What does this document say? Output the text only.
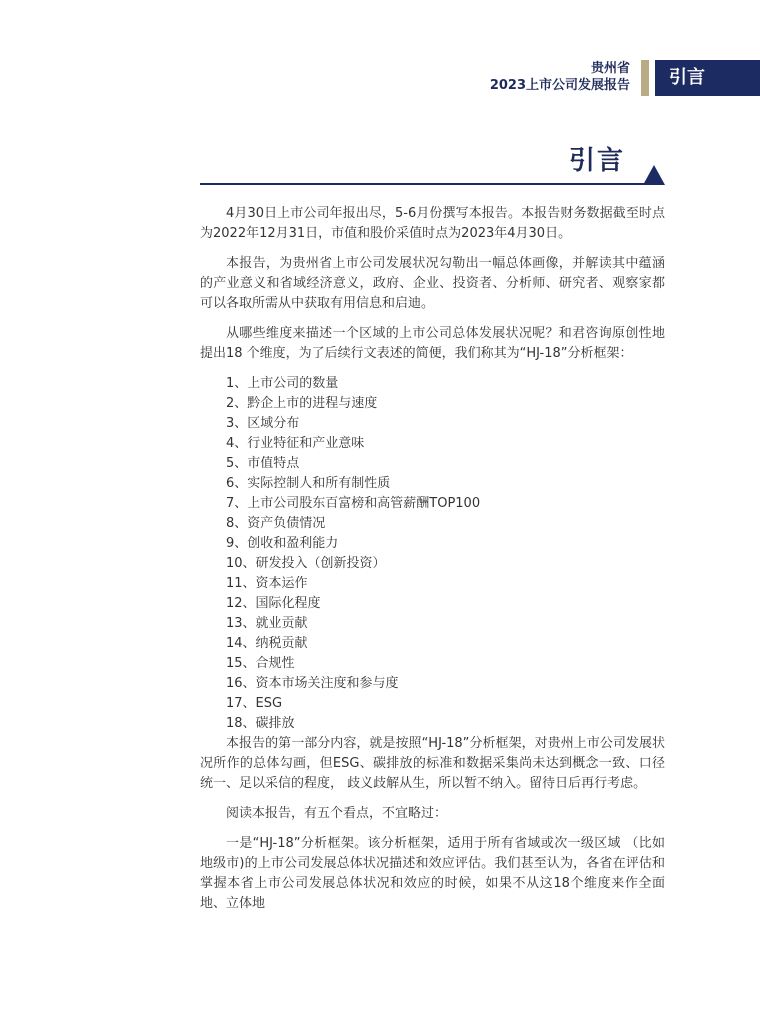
贵州省
2023上市公司发展报告	引言
引言

4月30日上市公司年报出尽，5-6月份撰写本报告。本报告财务数据截至时点为2022年12月31日，市值和股价采值时点为2023年4月30日。

本报告，为贵州省上市公司发展状况勾勒出一幅总体画像，并解读其中蕴涵的产业意义和省域经济意义，政府、企业、投资者、分析师、研究者、观察家都可以各取所需从中获取有用信息和启迪。

从哪些维度来描述一个区域的上市公司总体发展状况呢？和君咨询原创性地提出18 个维度，为了后续行文表述的简便，我们称其为“HJ-18”分析框架：

1、上市公司的数量
2、黔企上市的进程与速度
3、区域分布
4、行业特征和产业意味
5、市值特点
6、实际控制人和所有制性质
7、上市公司股东百富榜和高管薪酬TOP100
8、资产负债情况
9、创收和盈利能力
10、研发投入（创新投资）
11、资本运作
12、国际化程度
13、就业贡献
14、纳税贡献
15、合规性
16、资本市场关注度和参与度
17、ESG
18、碳排放

本报告的第一部分内容，就是按照“HJ-18”分析框架，对贵州上市公司发展状况所作的总体勾画，但ESG、碳排放的标准和数据采集尚未达到概念一致、口径统一、足以采信的程度， 歧义歧解从生，所以暂不纳入。留待日后再行考虑。

阅读本报告，有五个看点，不宜略过：

一是“HJ-18”分析框架。该分析框架，适用于所有省域或次一级区域 （比如地级市)的上市公司发展总体状况描述和效应评估。我们甚至认为，各省在评估和掌握本省上市公司发展总体状况和效应的时候，如果不从这18个维度来作全面地、立体地
